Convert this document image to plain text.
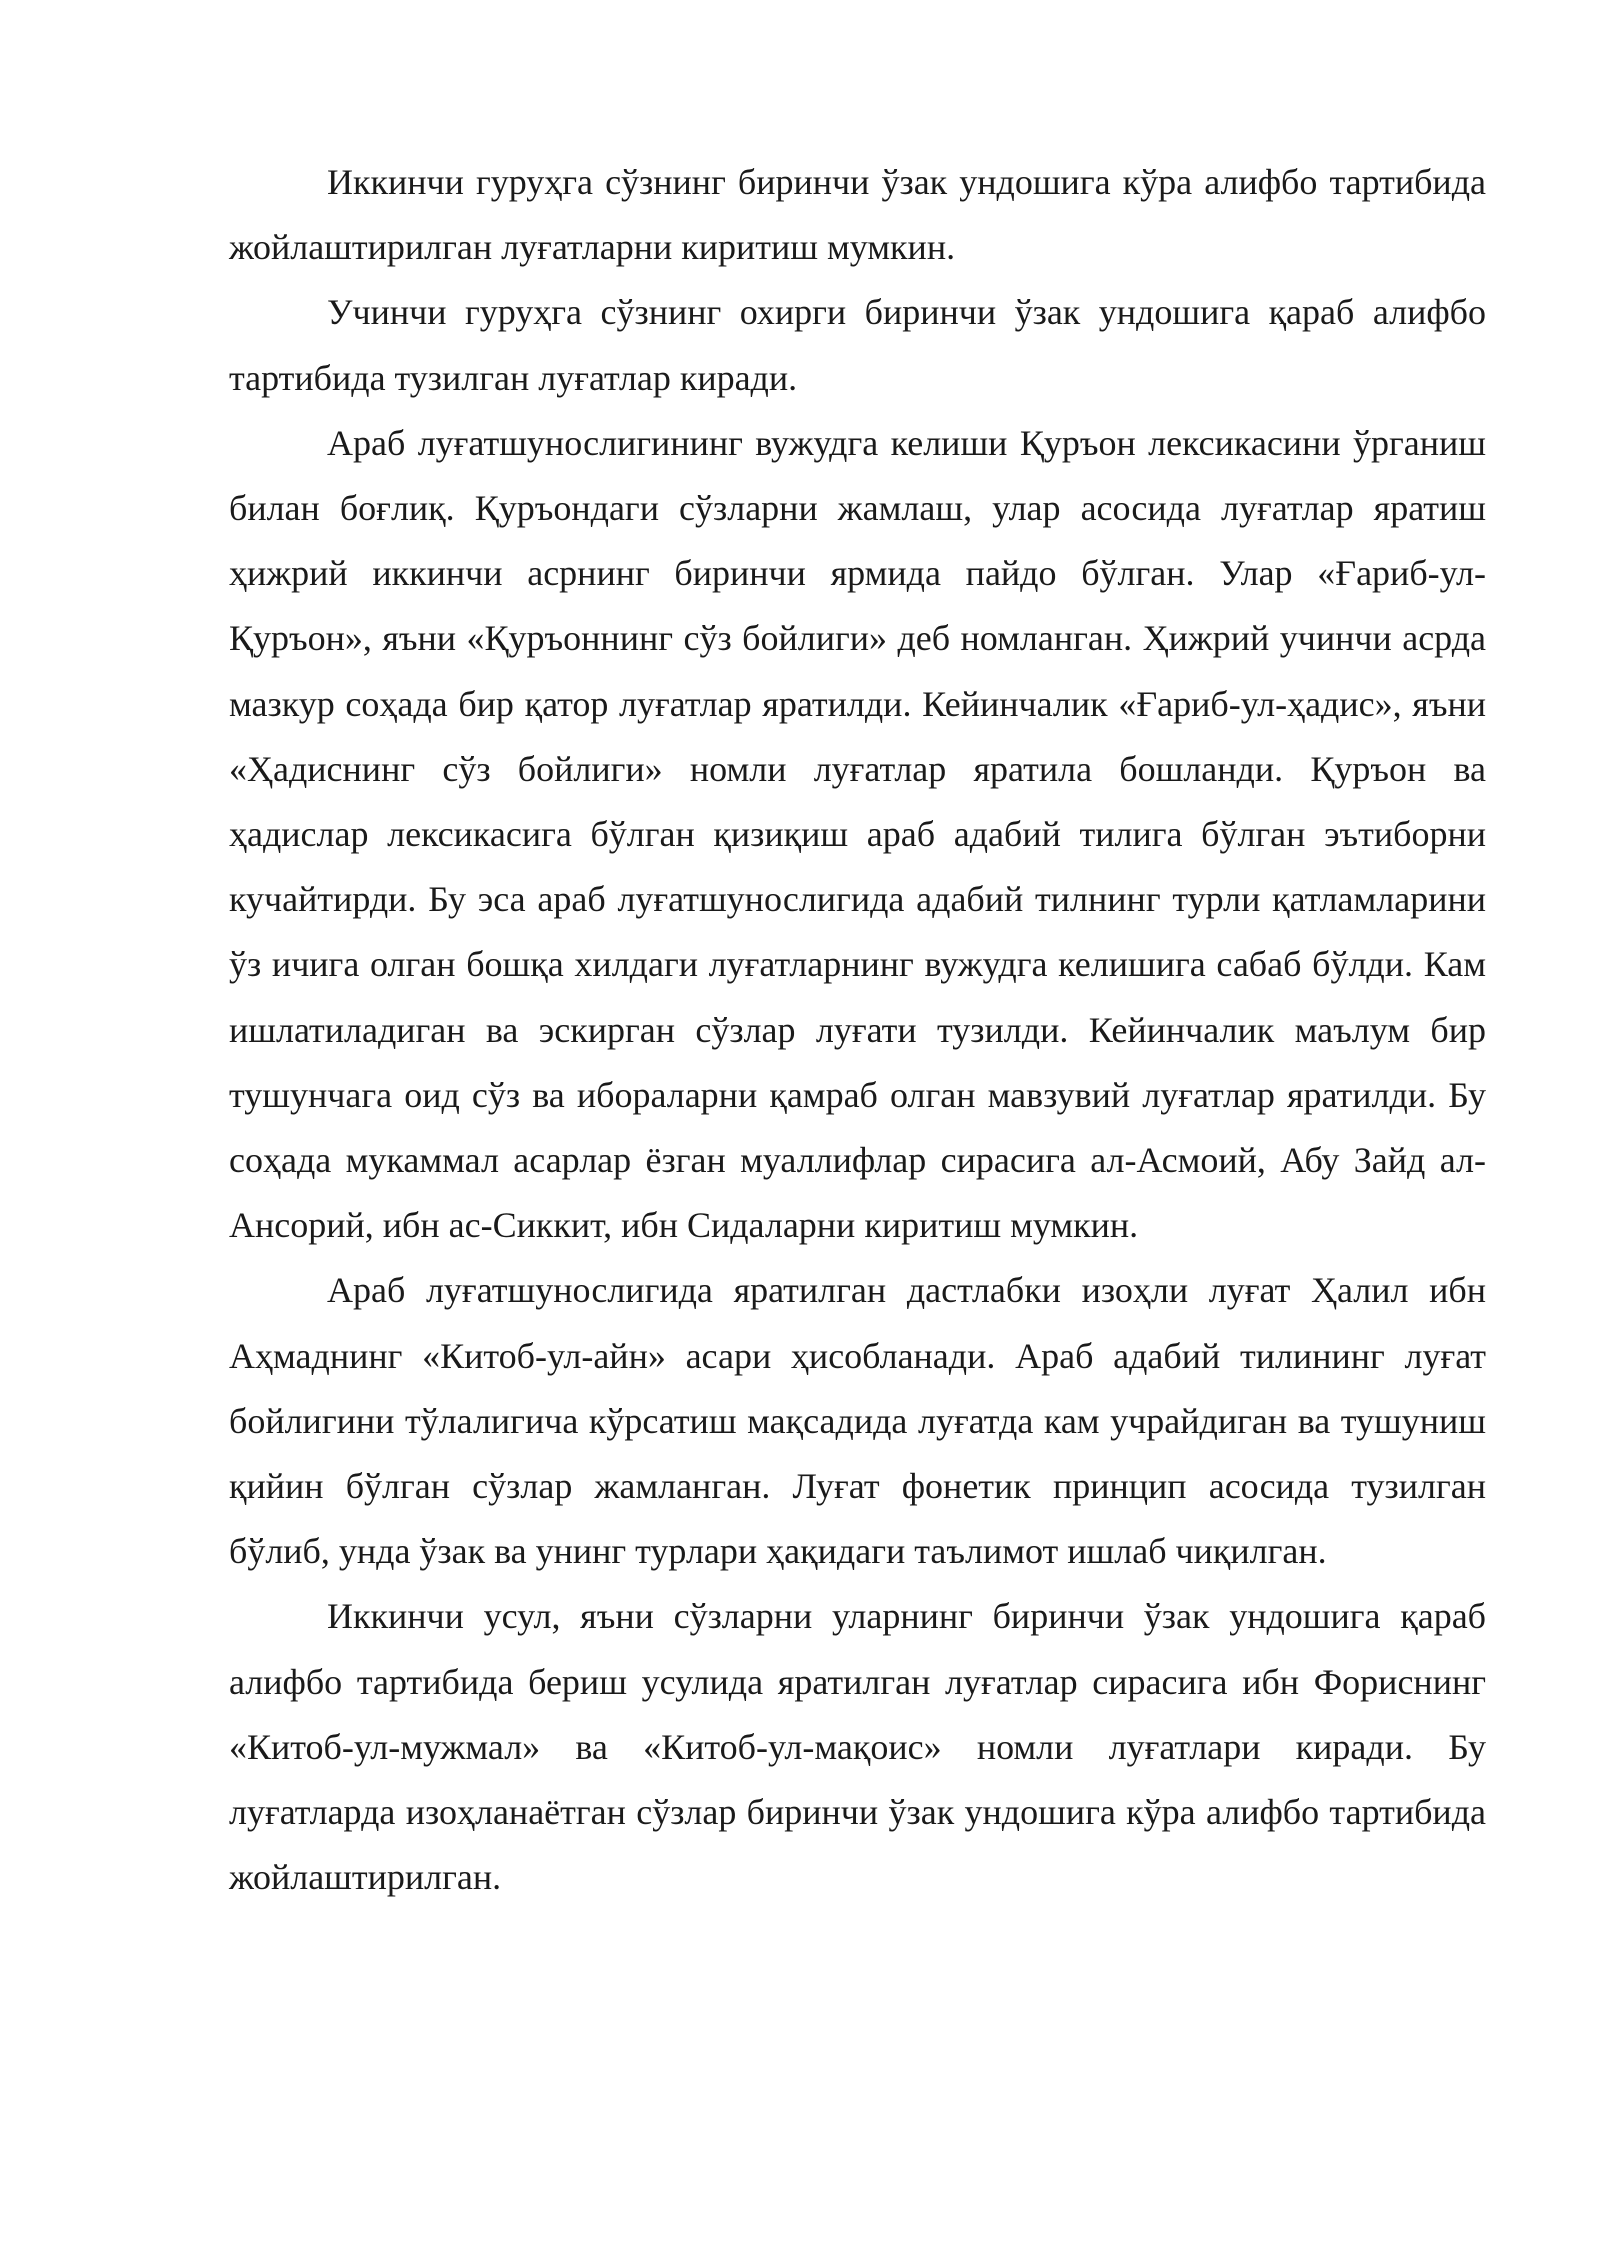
Иккинчи гуруҳга сўзнинг биринчи ўзак ундошига кўра алифбо тартибида жойлаштирилган луғатларни киритиш мумкин.

Учинчи гуруҳга сўзнинг охирги биринчи ўзак ундошига қараб алифбо тартибида тузилган луғатлар киради.

Араб луғатшунослигининг вужудга келиши Қуръон лексикасини ўрганиш билан боғлиқ. Қуръондаги сўзларни жамлаш, улар асосида луғатлар яратиш ҳижрий иккинчи асрнинг биринчи ярмида пайдо бўлган. Улар «Ғариб-ул-Қуръон», яъни «Қуръоннинг сўз бойлиги» деб номланган. Ҳижрий учинчи асрда мазкур соҳада бир қатор луғатлар яратилди. Кейинчалик «Ғариб-ул-ҳадис», яъни «Ҳадиснинг сўз бойлиги» номли луғатлар яратила бошланди. Қуръон ва ҳадислар лексикасига бўлган қизиқиш араб адабий тилига бўлган эътиборни кучайтирди. Бу эса араб луғатшунослигида адабий тилнинг турли қатламларини ўз ичига олган бошқа хилдаги луғатларнинг вужудга келишига сабаб бўлди. Кам ишлатиладиган ва эскирган сўзлар луғати тузилди. Кейинчалик маълум бир тушунчага оид сўз ва ибораларни қамраб олган мавзувий луғатлар яратилди. Бу соҳада мукаммал асарлар ёзган муаллифлар сирасига ал-Асмоий, Абу Зайд ал-Ансорий, ибн ас-Сиккит, ибн Сидаларни киритиш мумкин.

Араб луғатшунослигида яратилган дастлабки изоҳли луғат Ҳалил ибн Аҳмаднинг «Китоб-ул-айн» асари ҳисобланади. Араб адабий тилининг луғат бойлигини тўлалигича кўрсатиш мақсадида луғатда кам учрайдиган ва тушуниш қийин бўлган сўзлар жамланган. Луғат фонетик принцип асосида тузилган бўлиб, унда ўзак ва унинг турлари ҳақидаги таълимот ишлаб чиқилган.

Иккинчи усул, яъни сўзларни уларнинг биринчи ўзак ундошига қараб алифбо тартибида бериш усулида яратилган луғатлар сирасига ибн Фориснинг «Китоб-ул-мужмал» ва «Китоб-ул-мақоис» номли луғатлари киради. Бу луғатларда изоҳланаётган сўзлар биринчи ўзак ундошига кўра алифбо тартибида жойлаштирилган.
